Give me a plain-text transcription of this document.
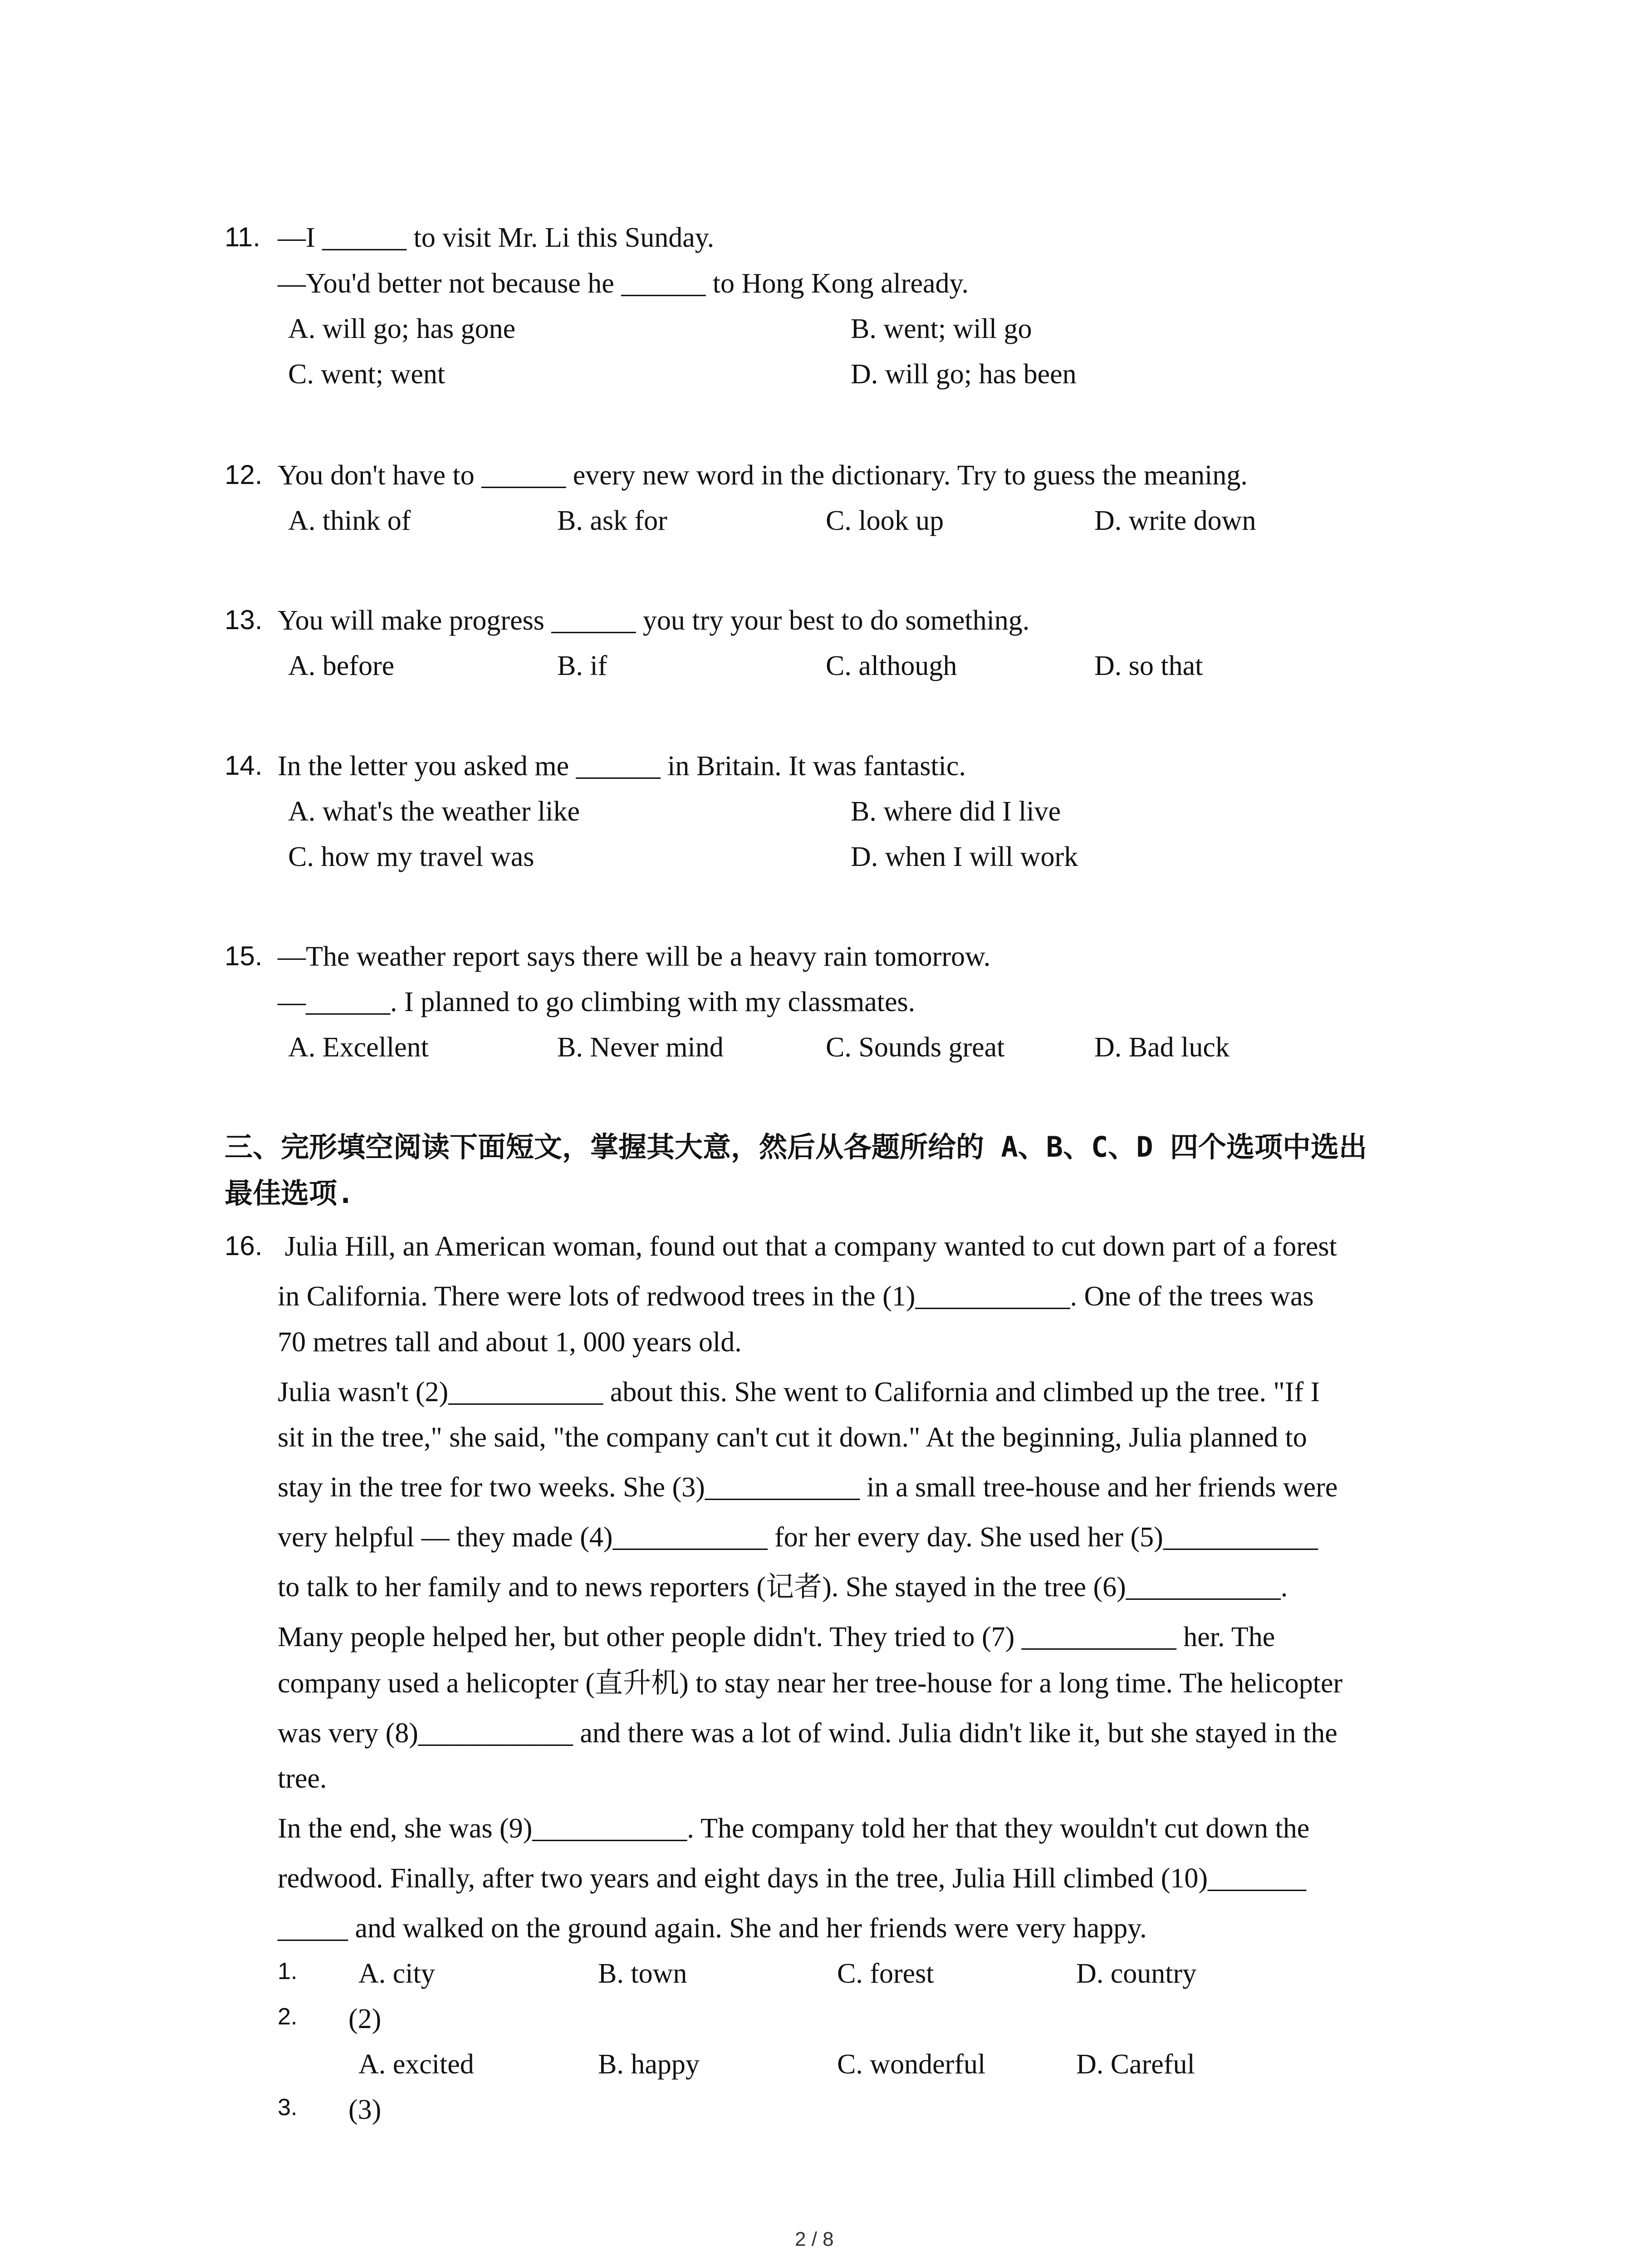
11. —I ______ to visit Mr. Li this Sunday.
—You'd better not because he ______ to Hong Kong already.
A. will go; has gone	B. went; will go
C. went; went	D. will go; has been
12. You don't have to ______ every new word in the dictionary. Try to guess the meaning.
A. think of	B. ask for	C. look up	D. write down
13. You will make progress ______ you try your best to do something.
A. before	B. if	C. although	D. so that
14. In the letter you asked me ______ in Britain. It was fantastic.
A. what's the weather like	B. where did I live
C. how my travel was	D. when I will work
15. —The weather report says there will be a heavy rain tomorrow.
—______. I planned to go climbing with my classmates.
A. Excellent	B. Never mind	C. Sounds great	D. Bad luck
三、完形填空阅读下面短文，掌握其大意，然后从各题所给的 A、B、C、D 四个选项中选出
最佳选项.
16. Julia Hill, an American woman, found out that a company wanted to cut down part of a forest
in California. There were lots of redwood trees in the (1)___________. One of the trees was
70 metres tall and about 1, 000 years old.
Julia wasn't (2)___________ about this. She went to California and climbed up the tree. "If I
sit in the tree," she said, "the company can't cut it down." At the beginning, Julia planned to
stay in the tree for two weeks. She (3)___________ in a small tree-house and her friends were
very helpful — they made (4)___________ for her every day. She used her (5)___________
to talk to her family and to news reporters (记者). She stayed in the tree (6)___________.
Many people helped her, but other people didn't. They tried to (7) ___________ her. The
company used a helicopter (直升机) to stay near her tree-house for a long time. The helicopter
was very (8)___________ and there was a lot of wind. Julia didn't like it, but she stayed in the
tree.
In the end, she was (9)___________. The company told her that they wouldn't cut down the
redwood. Finally, after two years and eight days in the tree, Julia Hill climbed (10)_______
_____ and walked on the ground again. She and her friends were very happy.
1. A. city	B. town	C. forest	D. country
2. (2)
A. excited	B. happy	C. wonderful	D. Careful
3. (3)
2 / 8
